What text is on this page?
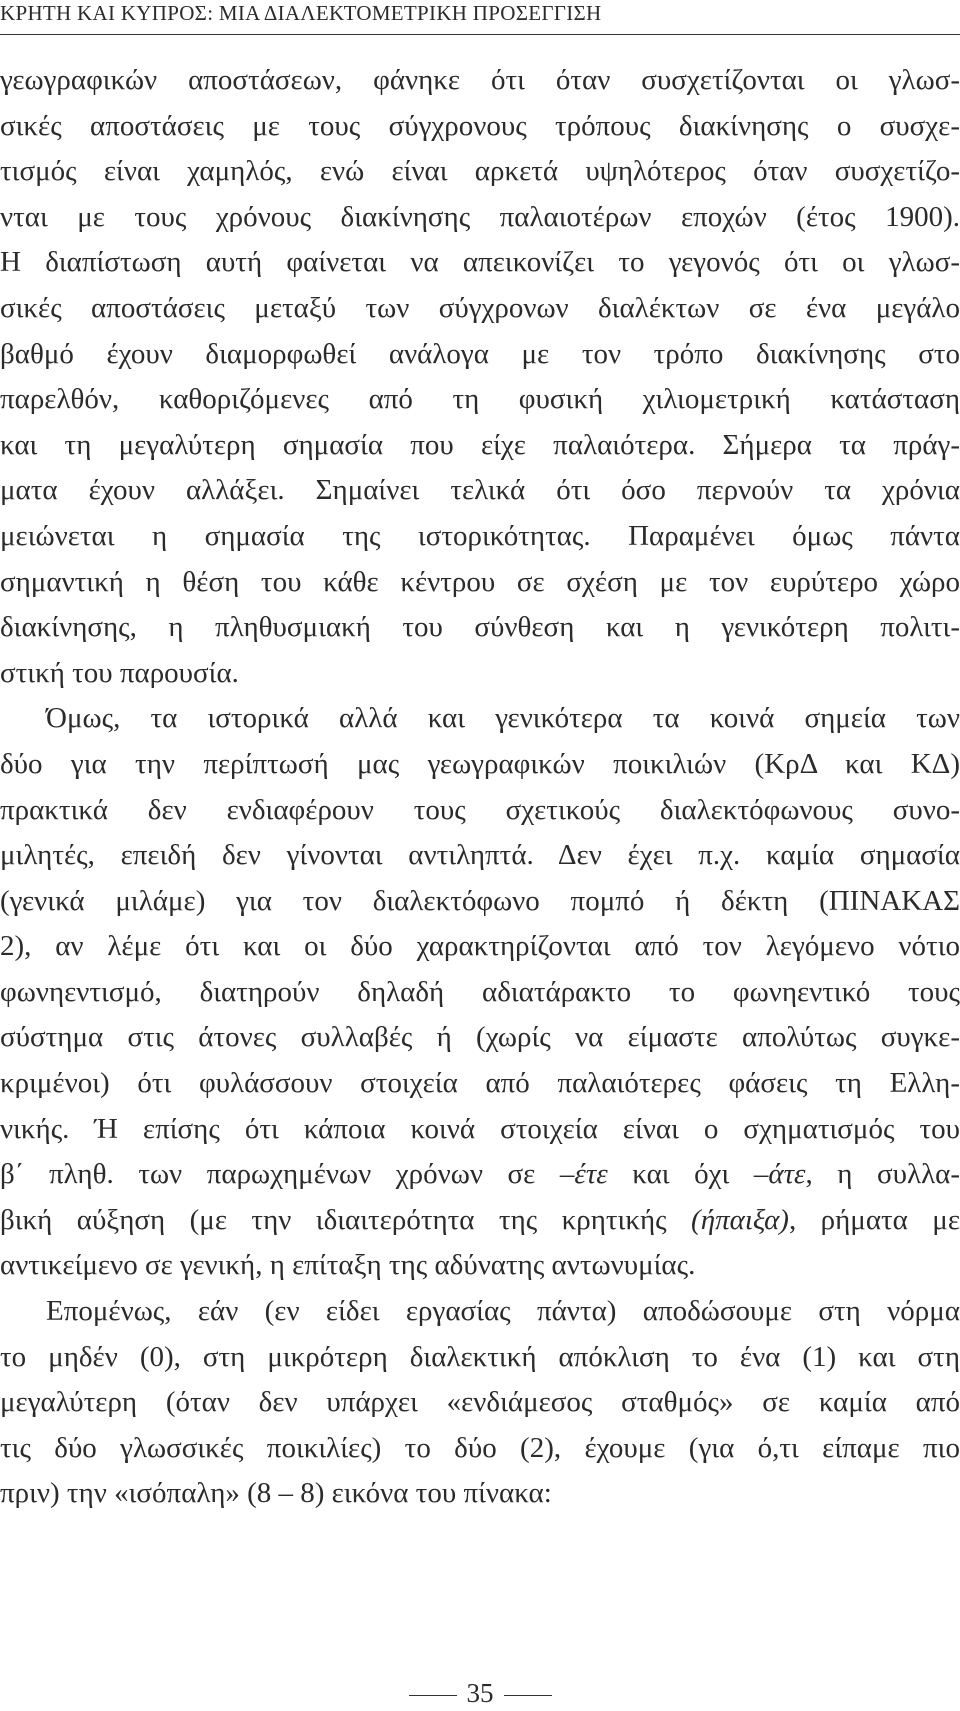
ΚΡΗΤΗ ΚΑΙ ΚΥΠΡΟΣ: ΜΙΑ ΔΙΑΛΕΚΤΟΜΕΤΡΙΚΗ ΠΡΟΣΕΓΓΙΣΗ
γεωγραφικών αποστάσεων, φάνηκε ότι όταν συσχετίζονται οι γλωσ-
σικές αποστάσεις με τους σύγχρονους τρόπους διακίνησης ο συσχε-
τισμός είναι χαμηλός, ενώ είναι αρκετά υψηλότερος όταν συσχετίζο-
νται με τους χρόνους διακίνησης παλαιοτέρων εποχών (έτος 1900).
Η διαπίστωση αυτή φαίνεται να απεικονίζει το γεγονός ότι οι γλωσ-
σικές αποστάσεις μεταξύ των σύγχρονων διαλέκτων σε ένα μεγάλο
βαθμό έχουν διαμορφωθεί ανάλογα με τον τρόπο διακίνησης στο
παρελθόν, καθοριζόμενες από τη φυσική χιλιομετρική κατάσταση
και τη μεγαλύτερη σημασία που είχε παλαιότερα. Σήμερα τα πράγ-
ματα έχουν αλλάξει. Σημαίνει τελικά ότι όσο περνούν τα χρόνια
μειώνεται η σημασία της ιστορικότητας. Παραμένει όμως πάντα
σημαντική η θέση του κάθε κέντρου σε σχέση με τον ευρύτερο χώρο
διακίνησης, η πληθυσμιακή του σύνθεση και η γενικότερη πολιτι-
στική του παρουσία.
Όμως, τα ιστορικά αλλά και γενικότερα τα κοινά σημεία των
δύο για την περίπτωσή μας γεωγραφικών ποικιλιών (ΚρΔ και ΚΔ)
πρακτικά δεν ενδιαφέρουν τους σχετικούς διαλεκτόφωνους συνο-
μιλητές, επειδή δεν γίνονται αντιληπτά. Δεν έχει π.χ. καμία σημασία
(γενικά μιλάμε) για τον διαλεκτόφωνο πομπό ή δέκτη (ΠΙΝΑΚΑΣ
2), αν λέμε ότι και οι δύο χαρακτηρίζονται από τον λεγόμενο νότιο
φωνηεντισμό, διατηρούν δηλαδή αδιατάρακτο το φωνηεντικό τους
σύστημα στις άτονες συλλαβές ή (χωρίς να είμαστε απολύτως συγκε-
κριμένοι) ότι φυλάσσουν στοιχεία από παλαιότερες φάσεις τη Ελλη-
νικής. Ή επίσης ότι κάποια κοινά στοιχεία είναι ο σχηματισμός του
β΄ πληθ. των παρωχημένων χρόνων σε –έτε και όχι –άτε, η συλλα-
βική αύξηση (με την ιδιαιτερότητα της κρητικής (ήπαιξα), ρήματα με
αντικείμενο σε γενική, η επίταξη της αδύνατης αντωνυμίας.
Επομένως, εάν (εν είδει εργασίας πάντα) αποδώσουμε στη νόρμα
το μηδέν (0), στη μικρότερη διαλεκτική απόκλιση το ένα (1) και στη
μεγαλύτερη (όταν δεν υπάρχει «ενδιάμεσος σταθμός» σε καμία από
τις δύο γλωσσικές ποικιλίες) το δύο (2), έχουμε (για ό,τι είπαμε πιο
πριν) την «ισόπαλη» (8 – 8) εικόνα του πίνακα:
35
